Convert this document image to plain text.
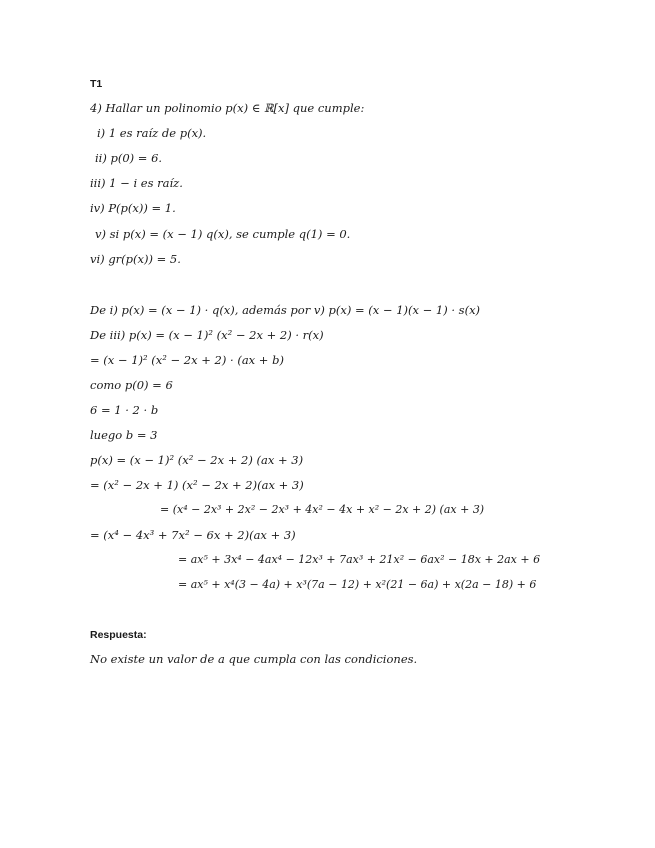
T1
4) Hallar un polinomio p(x) ∈ ℝ[x] que cumple:
i) 1 es raíz de p(x).
ii) p(0) = 6.
iii) 1 − i es raíz.
iv) P(p(x)) = 1.
v) si p(x) = (x − 1) q(x), se cumple q(1) = 0.
vi) gr(p(x)) = 5.
De i) p(x) = (x − 1) · q(x), además por v) p(x) = (x − 1)(x − 1) · s(x)
De iii) p(x) = (x − 1)² (x² − 2x + 2) · r(x)
= (x − 1)² (x² − 2x + 2) · (ax + b)
como p(0) = 6
6 = 1 · 2 · b
luego b = 3
p(x) = (x − 1)² (x² − 2x + 2) (ax + 3)
= (x² − 2x + 1) (x² − 2x + 2)(ax + 3)
= (x⁴ − 2x³ + 2x² − 2x³ + 4x² − 4x + x² − 2x + 2) (ax + 3)
= (x⁴ − 4x³ + 7x² − 6x + 2)(ax + 3)
= ax⁵ + 3x⁴ − 4ax⁴ − 12x³ + 7ax³ + 21x² − 6ax² − 18x + 2ax + 6
= ax⁵ + x⁴(3 − 4a) + x³(7a − 12) + x²(21 − 6a) + x(2a − 18) + 6
Respuesta:
No existe un valor de a que cumpla con las condiciones.
